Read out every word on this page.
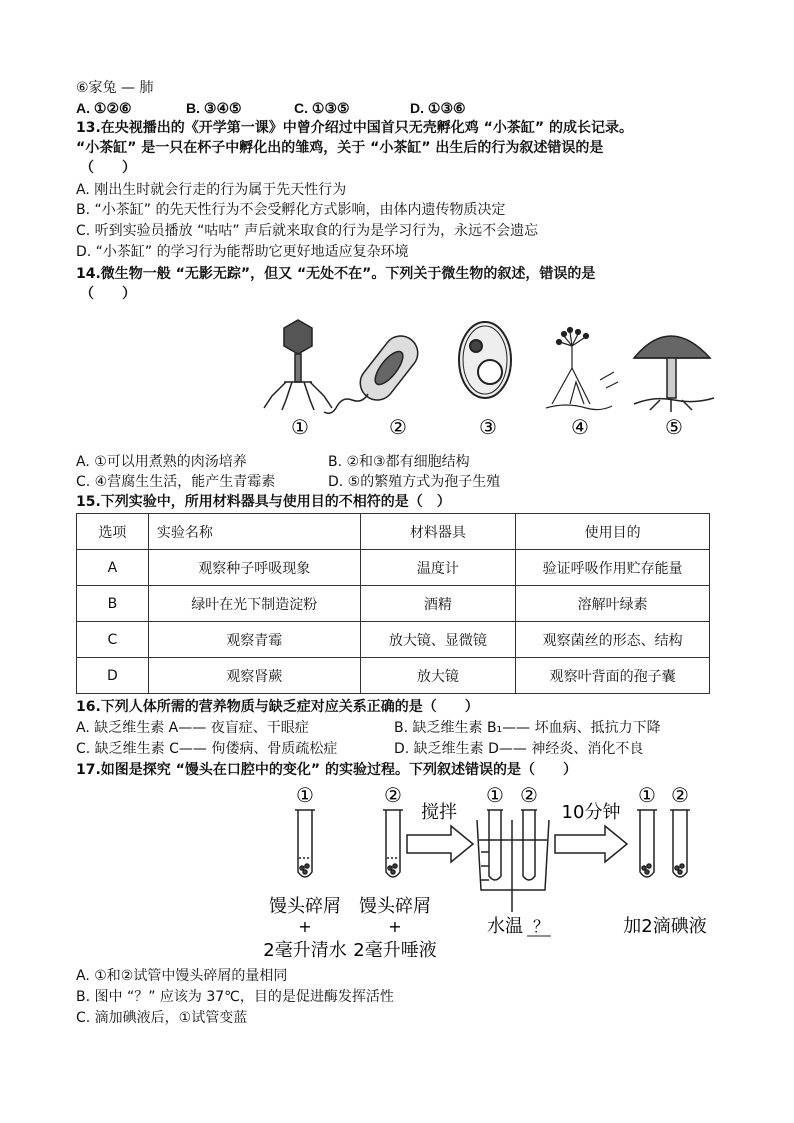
⑥家兔 — 肺
A. ①②⑥	B. ③④⑤	C. ①③⑤	D. ①③⑥
13.在央视播出的《开学第一课》中曾介绍过中国首只无壳孵化鸡 “小茶缸” 的成长记录。
“小茶缸” 是一只在杯子中孵化出的雏鸡，关于 “小茶缸” 出生后的行为叙述错误的是
（　　）
A. 刚出生时就会行走的行为属于先天性行为
B. “小茶缸” 的先天性行为不会受孵化方式影响，由体内遗传物质决定
C. 听到实验员播放 “咕咕” 声后就来取食的行为是学习行为，永远不会遗忘
D. “小茶缸” 的学习行为能帮助它更好地适应复杂环境
14.微生物一般 “无影无踪”，但又 “无处不在”。下列关于微生物的叙述，错误的是
（　　）
①	②	③	④	⑤
A. ①可以用煮熟的肉汤培养	B. ②和③都有细胞结构
C. ④营腐生生活，能产生青霉素	D. ⑤的繁殖方式为孢子生殖
15.下列实验中，所用材料器具与使用目的不相符的是（　）
选项	实验名称	材料器具	使用目的
A	观察种子呼吸现象	温度计	验证呼吸作用贮存能量
B	绿叶在光下制造淀粉	酒精	溶解叶绿素
C	观察青霉	放大镜、显微镜	观察菌丝的形态、结构
D	观察肾蕨	放大镜	观察叶背面的孢子囊
16.下列人体所需的营养物质与缺乏症对应关系正确的是（　　）
A. 缺乏维生素 A—— 夜盲症、干眼症	B. 缺乏维生素 B₁—— 坏血病、抵抗力下降
C. 缺乏维生素 C—— 佝偻病、骨质疏松症	D. 缺乏维生素 D—— 神经炎、消化不良
17.如图是探究 “馒头在口腔中的变化” 的实验过程。下列叙述错误的是（　　）
①	②	① ②	① ②
搅拌	10分钟
馒头碎屑 馒头碎屑
+	+
2毫升清水 2毫升唾液
水温 ？	加2滴碘液
A. ①和②试管中馒头碎屑的量相同
B. 图中 “？” 应该为 37℃，目的是促进酶发挥活性
C. 滴加碘液后，①试管变蓝
